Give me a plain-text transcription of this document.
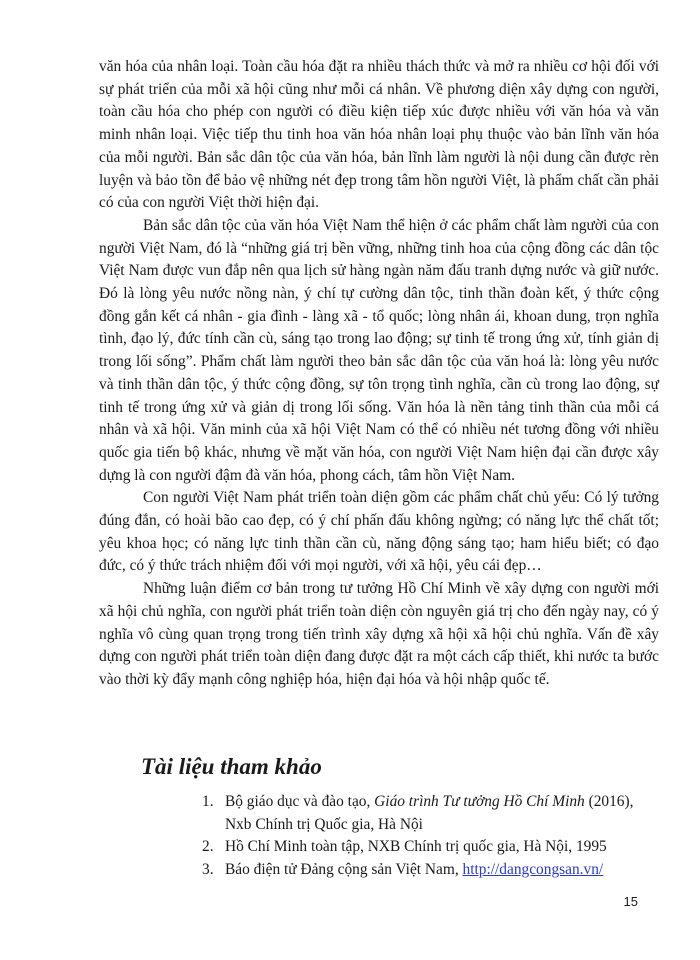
văn hóa của nhân loại. Toàn cầu hóa đặt ra nhiều thách thức và mở ra nhiều cơ hội đối với sự phát triển của mỗi xã hội cũng như mỗi cá nhân. Về phương diện xây dựng con người, toàn cầu hóa cho phép con người có điều kiện tiếp xúc được nhiều với văn hóa và văn minh nhân loại. Việc tiếp thu tinh hoa văn hóa nhân loại phụ thuộc vào bản lĩnh văn hóa của mỗi người. Bản sắc dân tộc của văn hóa, bản lĩnh làm người là nội dung cần được rèn luyện và bảo tồn để bảo vệ những nét đẹp trong tâm hồn người Việt, là phẩm chất cần phải có của con người Việt thời hiện đại.

Bản sắc dân tộc của văn hóa Việt Nam thể hiện ở các phẩm chất làm người của con người Việt Nam, đó là “những giá trị bền vững, những tinh hoa của cộng đồng các dân tộc Việt Nam được vun đắp nên qua lịch sử hàng ngàn năm đấu tranh dựng nước và giữ nước. Đó là lòng yêu nước nồng nàn, ý chí tự cường dân tộc, tinh thần đoàn kết, ý thức cộng đồng gắn kết cá nhân - gia đình - làng xã - tổ quốc; lòng nhân ái, khoan dung, trọn nghĩa tình, đạo lý, đức tính cần cù, sáng tạo trong lao động; sự tinh tế trong ứng xử, tính giản dị trong lối sống”. Phẩm chất làm người theo bản sắc dân tộc của văn hoá là: lòng yêu nước và tinh thần dân tộc, ý thức cộng đồng, sự tôn trọng tình nghĩa, cần cù trong lao động, sự tinh tế trong ứng xử và giản dị trong lối sống. Văn hóa là nền tảng tinh thần của mỗi cá nhân và xã hội. Văn minh của xã hội Việt Nam có thể có nhiều nét tương đồng với nhiều quốc gia tiến bộ khác, nhưng về mặt văn hóa, con người Việt Nam hiện đại cần được xây dựng là con người đậm đà văn hóa, phong cách, tâm hồn Việt Nam.

Con người Việt Nam phát triển toàn diện gồm các phẩm chất chủ yếu: Có lý tưởng đúng đắn, có hoài bão cao đẹp, có ý chí phấn đấu không ngừng; có năng lực thể chất tốt; yêu khoa học; có năng lực tinh thần cần cù, năng động sáng tạo; ham hiểu biết; có đạo đức, có ý thức trách nhiệm đối với mọi người, với xã hội, yêu cái đẹp…

Những luận điểm cơ bản trong tư tưởng Hồ Chí Minh về xây dựng con người mới xã hội chủ nghĩa, con người phát triển toàn diện còn nguyên giá trị cho đến ngày nay, có ý nghĩa vô cùng quan trọng trong tiến trình xây dựng xã hội xã hội chủ nghĩa. Vấn đề xây dựng con người phát triển toàn diện đang được đặt ra một cách cấp thiết, khi nước ta bước vào thời kỳ đẩy mạnh công nghiệp hóa, hiện đại hóa và hội nhập quốc tế.

Tài liệu tham khảo
1. Bộ giáo dục và đào tạo, Giáo trình Tư tưởng Hồ Chí Minh (2016), Nxb Chính trị Quốc gia, Hà Nội
2. Hồ Chí Minh toàn tập, NXB Chính trị quốc gia, Hà Nội, 1995
3. Báo điện tử Đảng cộng sản Việt Nam, http://dangcongsan.vn/
15
